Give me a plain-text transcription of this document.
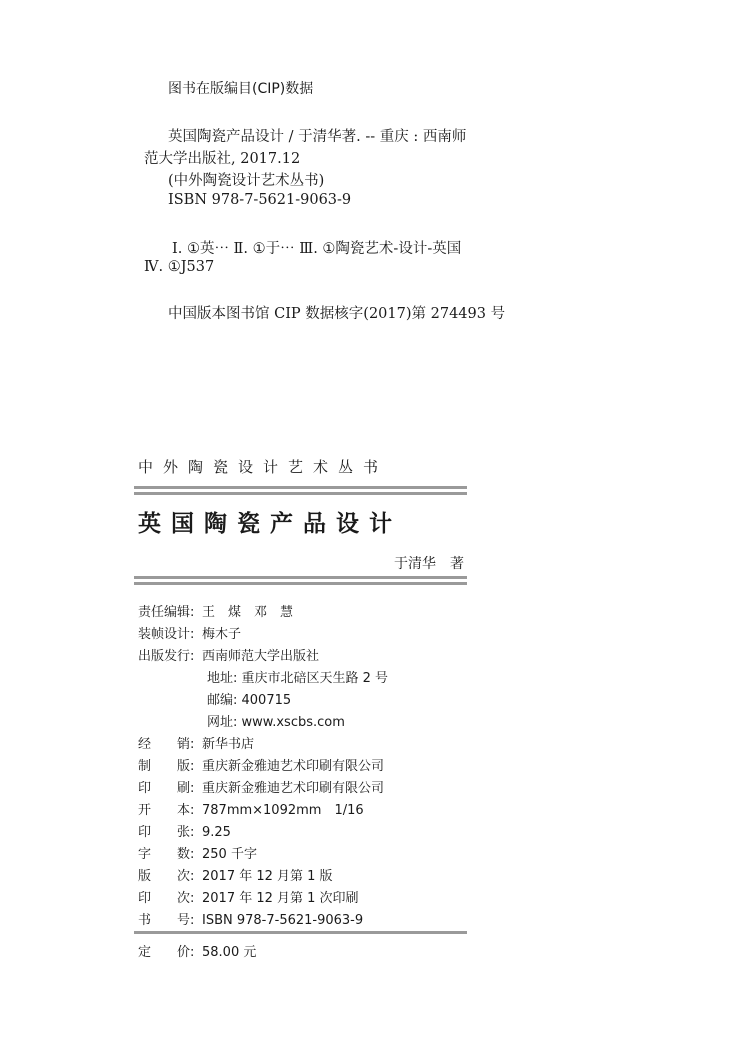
图书在版编目(CIP)数据
英国陶瓷产品设计 / 于清华著. -- 重庆 : 西南师
范大学出版社, 2017.12
(中外陶瓷设计艺术丛书)
ISBN 978-7-5621-9063-9
Ⅰ. ①英⋯ Ⅱ. ①于⋯ Ⅲ. ①陶瓷艺术-设计-英国
Ⅳ. ①J537
中国版本图书馆 CIP 数据核字(2017)第 274493 号
中外陶瓷设计艺术丛书
英国陶瓷产品设计
于清华　著
责任编辑: 王　煤　邓　慧
装帧设计: 梅木子
出版发行: 西南师范大学出版社
地址: 重庆市北碚区天生路 2 号
邮编: 400715
网址: www.xscbs.com
经　　销: 新华书店
制　　版: 重庆新金雅迪艺术印刷有限公司
印　　刷: 重庆新金雅迪艺术印刷有限公司
开　　本: 787mm×1092mm　1/16
印　　张: 9.25
字　　数: 250 千字
版　　次: 2017 年 12 月第 1 版
印　　次: 2017 年 12 月第 1 次印刷
书　　号: ISBN 978-7-5621-9063-9
定　　价: 58.00 元
